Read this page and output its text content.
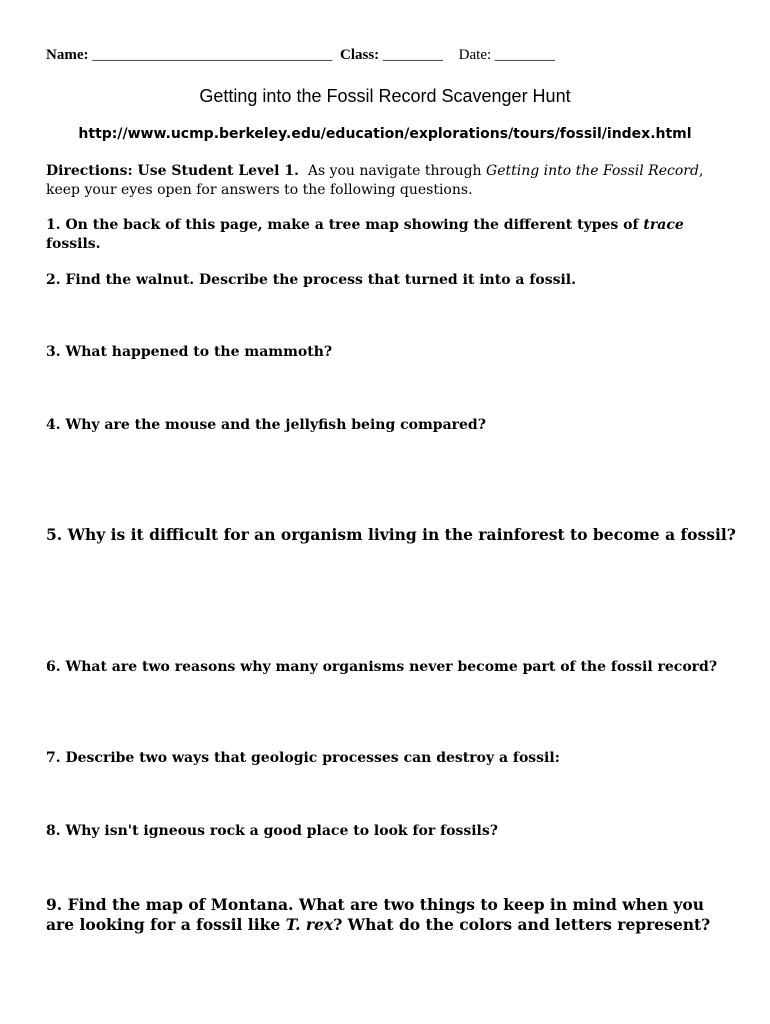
Name: ________________________________ Class: ________ Date: ________
Getting into the Fossil Record Scavenger Hunt
http://www.ucmp.berkeley.edu/education/explorations/tours/fossil/index.html
Directions: Use Student Level 1. As you navigate through Getting into the Fossil Record, keep your eyes open for answers to the following questions.
1. On the back of this page, make a tree map showing the different types of trace fossils.
2. Find the walnut. Describe the process that turned it into a fossil.
3. What happened to the mammoth?
4. Why are the mouse and the jellyfish being compared?
5. Why is it difficult for an organism living in the rainforest to become a fossil?
6. What are two reasons why many organisms never become part of the fossil record?
7. Describe two ways that geologic processes can destroy a fossil:
8. Why isn't igneous rock a good place to look for fossils?
9. Find the map of Montana. What are two things to keep in mind when you are looking for a fossil like T. rex? What do the colors and letters represent?
